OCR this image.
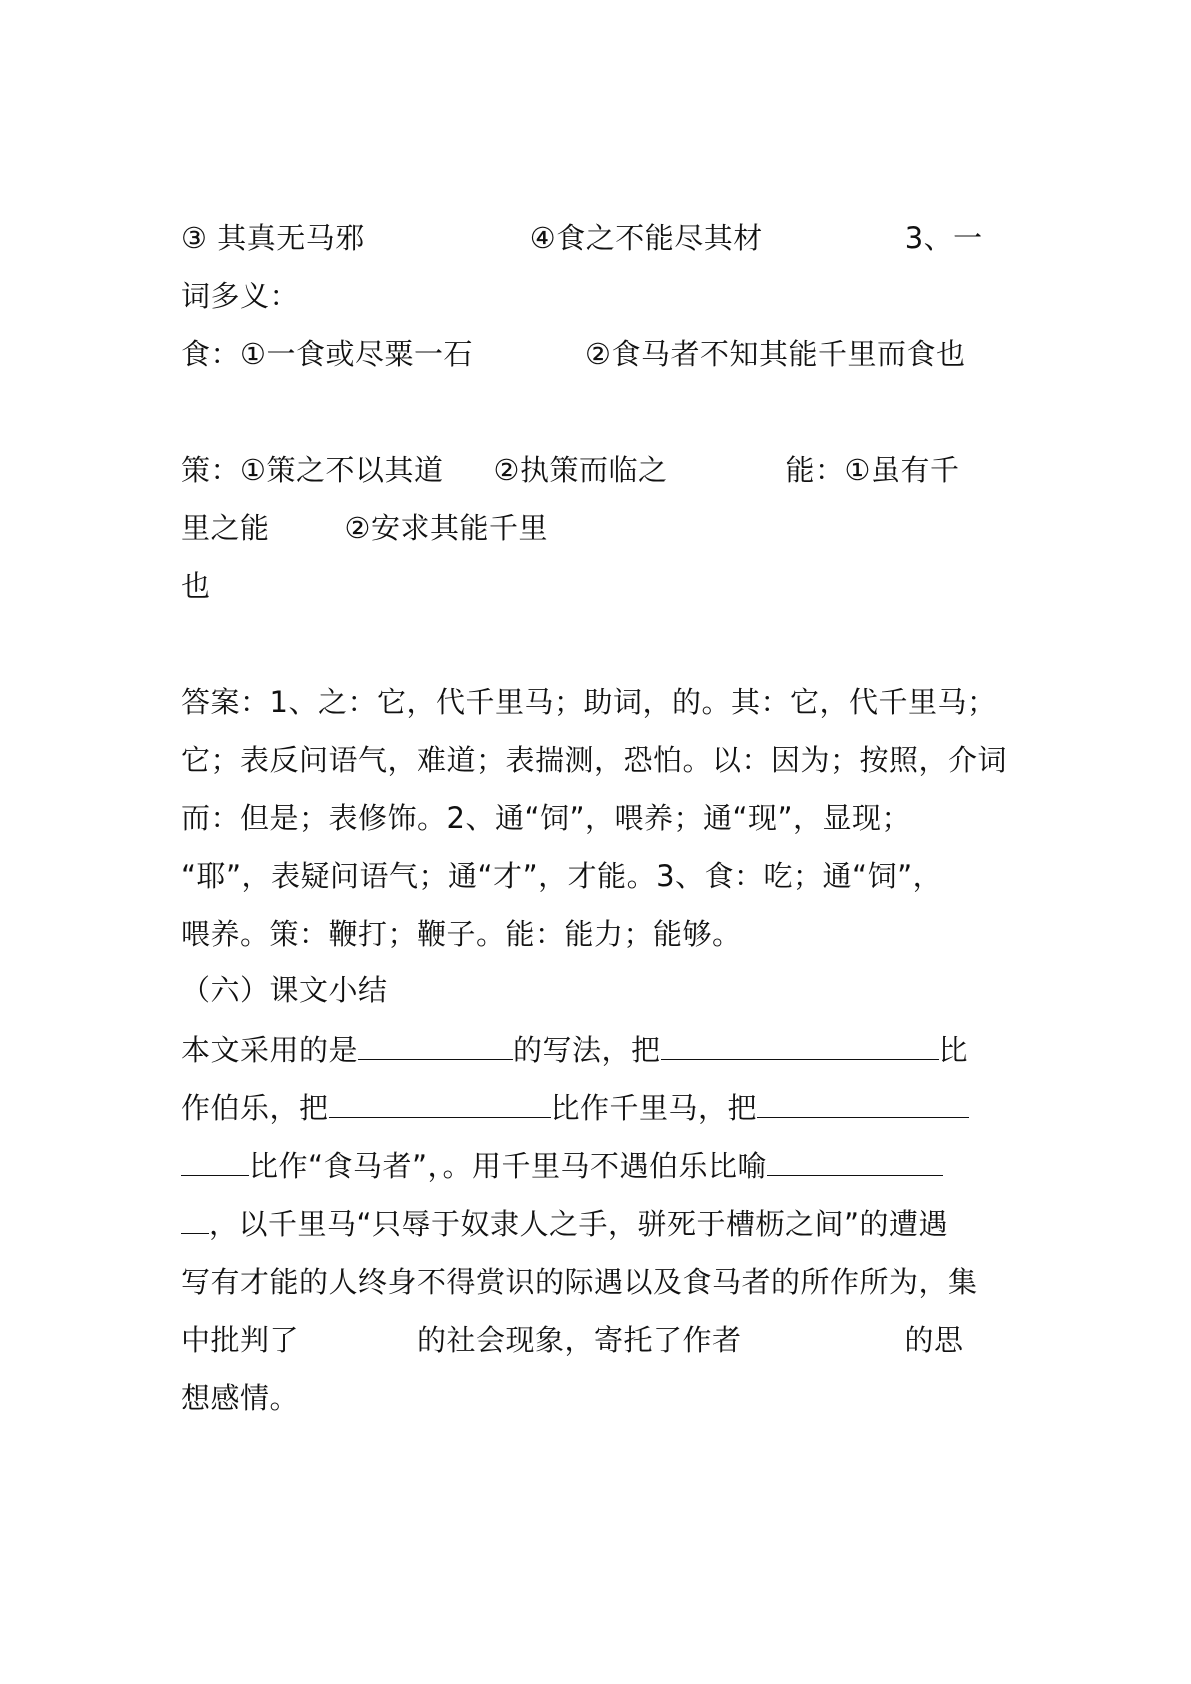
③ 其真无马邪	④食之不能尽其材	3、一
词多义：
食：①一食或尽粟一石	②食马者不知其能千里而食也
策：①策之不以其道 ②执策而临之	能：①虽有千
里之能	②安求其能千里
也
答案：1、之：它，代千里马；助词，的。其：它，代千里马；
它；表反问语气，难道；表揣测，恐怕。以：因为；按照，介词
而：但是；表修饰。2、通“饲”，喂养；通“现”，显现；
“耶”，表疑问语气；通“才”，才能。3、食：吃；通“饲”，
喂养。策：鞭打；鞭子。能：能力；能够。
（六）课文小结
本文采用的是	的写法，把	比
作伯乐，把	比作千里马，把
比作“食马者”，。用千里马不遇伯乐比喻
，以千里马“只辱于奴隶人之手，骈死于槽枥之间”的遭遇
写有才能的人终身不得赏识的际遇以及食马者的所作所为，集
中批判了	的社会现象，寄托了作者	的思
想感情。
